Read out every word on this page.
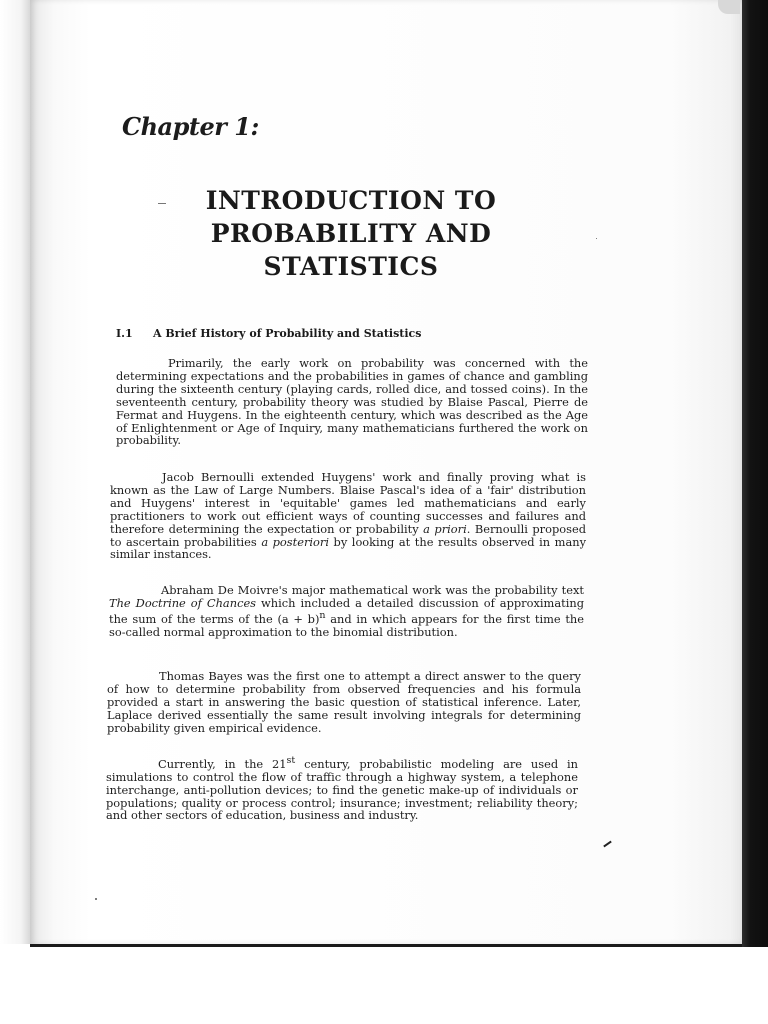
Chapter 1:
INTRODUCTION TO
PROBABILITY AND
STATISTICS
I.1 A Brief History of Probability and Statistics

Primarily, the early work on probability was concerned with the determining expectations and the probabilities in games of chance and gambling during the sixteenth century (playing cards, rolled dice, and tossed coins). In the seventeenth century, probability theory was studied by Blaise Pascal, Pierre de Fermat and Huygens. In the eighteenth century, which was described as the Age of Enlightenment or Age of Inquiry, many mathematicians furthered the work on probability.

Jacob Bernoulli extended Huygens' work and finally proving what is known as the Law of Large Numbers. Blaise Pascal's idea of a 'fair' distribution and Huygens' interest in 'equitable' games led mathematicians and early practitioners to work out efficient ways of counting successes and failures and therefore determining the expectation or probability a priori. Bernoulli proposed to ascertain probabilities a posteriori by looking at the results observed in many similar instances.

Abraham De Moivre's major mathematical work was the probability text The Doctrine of Chances which included a detailed discussion of approximating the sum of the terms of the $(a + b)^n$ and in which appears for the first time the so-called normal approximation to the binomial distribution.

Thomas Bayes was the first one to attempt a direct answer to the query of how to determine probability from observed frequencies and his formula provided a start in answering the basic question of statistical inference. Later, Laplace derived essentially the same result involving integrals for determining probability given empirical evidence.

Currently, in the 21st century, probabilistic modeling are used in simulations to control the flow of traffic through a highway system, a telephone interchange, anti-pollution devices; to find the genetic make-up of individuals or populations; quality or process control; insurance; investment; reliability theory; and other sectors of education, business and industry.
